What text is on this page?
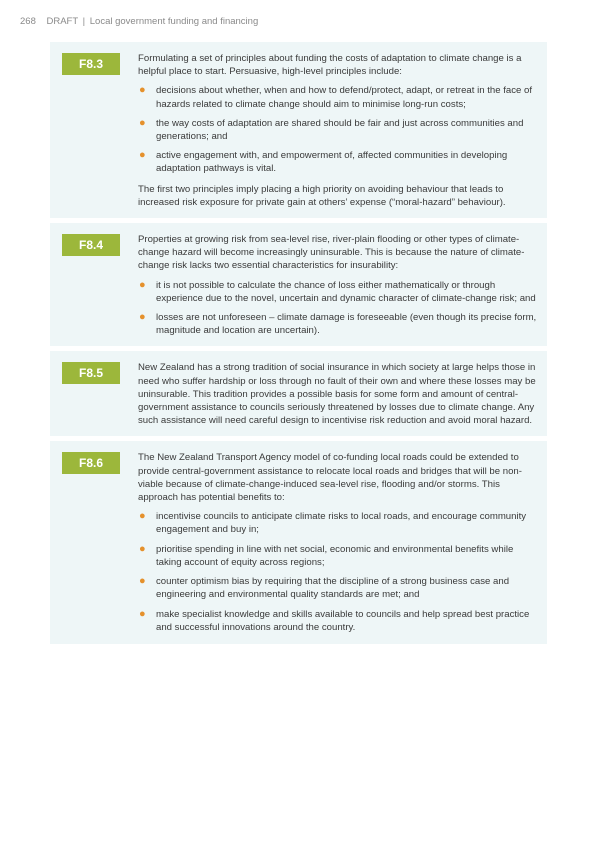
268 DRAFT | Local government funding and financing
F8.3	Formulating a set of principles about funding the costs of adaptation to climate change is a helpful place to start. Persuasive, high-level principles include:

● decisions about whether, when and how to defend/protect, adapt, or retreat in the face of hazards related to climate change should aim to minimise long-run costs;
● the way costs of adaptation are shared should be fair and just across communities and generations; and
● active engagement with, and empowerment of, affected communities in developing adaptation pathways is vital.

The first two principles imply placing a high priority on avoiding behaviour that leads to increased risk exposure for private gain at others’ expense (“moral-hazard” behaviour).

F8.4	Properties at growing risk from sea-level rise, river-plain flooding or other types of climate-change hazard will become increasingly uninsurable. This is because the nature of climate-change risk lacks two essential characteristics for insurability:

● it is not possible to calculate the chance of loss either mathematically or through experience due to the novel, uncertain and dynamic character of climate-change risk; and
● losses are not unforeseen – climate damage is foreseeable (even though its precise form, magnitude and location are uncertain).
F8.5	New Zealand has a strong tradition of social insurance in which society at large helps those in need who suffer hardship or loss through no fault of their own and where these losses may be uninsurable. This tradition provides a possible basis for some form and amount of central-government assistance to councils seriously threatened by losses due to climate change. Any such assistance will need careful design to incentivise risk reduction and avoid moral hazard.

F8.6	The New Zealand Transport Agency model of co-funding local roads could be extended to provide central-government assistance to relocate local roads and bridges that will be non-viable because of climate-change-induced sea-level rise, flooding and/or storms. This approach has potential benefits to:

● incentivise councils to anticipate climate risks to local roads, and encourage community engagement and buy in;
● prioritise spending in line with net social, economic and environmental benefits while taking account of equity across regions;
● counter optimism bias by requiring that the discipline of a strong business case and engineering and environmental quality standards are met; and
● make specialist knowledge and skills available to councils and help spread best practice and successful innovations around the country.
